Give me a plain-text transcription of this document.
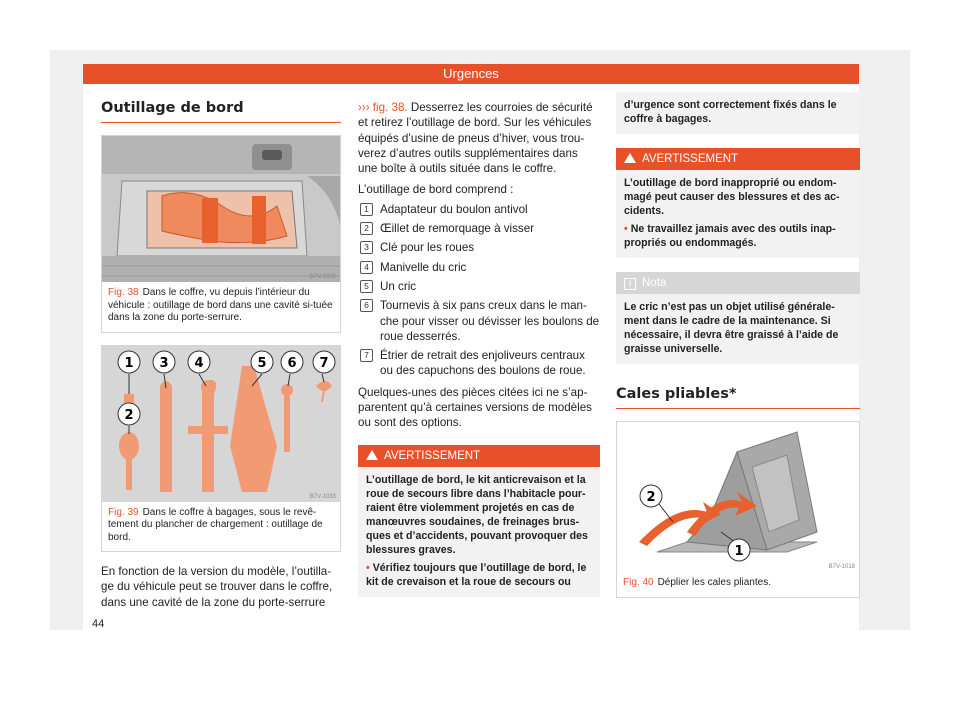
Urgences
Outillage de bord
B7V-1005
Fig. 38 Dans le coffre, vu depuis l’intérieur du véhicule : outillage de bord dans une cavité si-tuée dans la zone du porte-serrure.
1
2
3 4	5 6 7
B7V-1033
Fig. 39 Dans le coffre à bagages, sous le revê-tement du plancher de chargement : outillage de bord.

En fonction de la version du modèle, l’outilla-ge du véhicule peut se trouver dans le coffre, dans une cavité de la zone du porte-serrure

››› fig. 38. Desserrez les courroies de sécurité et retirez l’outillage de bord. Sur les véhicules équipés d’usine de pneus d’hiver, vous trou-verez d’autres outils supplémentaires dans une boîte à outils située dans le coffre.

L’outillage de bord comprend :

1 Adaptateur du boulon antivol
2 Œillet de remorquage à visser
3 Clé pour les roues
4 Manivelle du cric
5 Un cric
6 Tournevis à six pans creux dans le man-che pour visser ou dévisser les boulons de roue desserrés.
7 Étrier de retrait des enjoliveurs centraux ou des capuchons des boulons de roue.

Quelques-unes des pièces citées ici ne s’ap-parentent qu’à certaines versions de modèles ou sont des options.

AVERTISSEMENT
L’outillage de bord, le kit anticrevaison et la roue de secours libre dans l’habitacle pour-raient être violemment projetés en cas de manœuvres soudaines, de freinages brus-ques et d’accidents, pouvant provoquer des blessures graves.
• Vérifiez toujours que l’outillage de bord, le kit de crevaison et la roue de secours ou
d’urgence sont correctement fixés dans le coffre à bagages.
AVERTISSEMENT
L’outillage de bord inapproprié ou endom-magé peut causer des blessures et des ac-cidents.
• Ne travaillez jamais avec des outils inap-propriés ou endommagés.
i Nota
Le cric n’est pas un objet utilisé générale-ment dans le cadre de la maintenance. Si nécessaire, il devra être graissé à l’aide de graisse universelle.
Cales pliables*
2
1
B7V-1018
Fig. 40 Déplier les cales pliantes.
44
